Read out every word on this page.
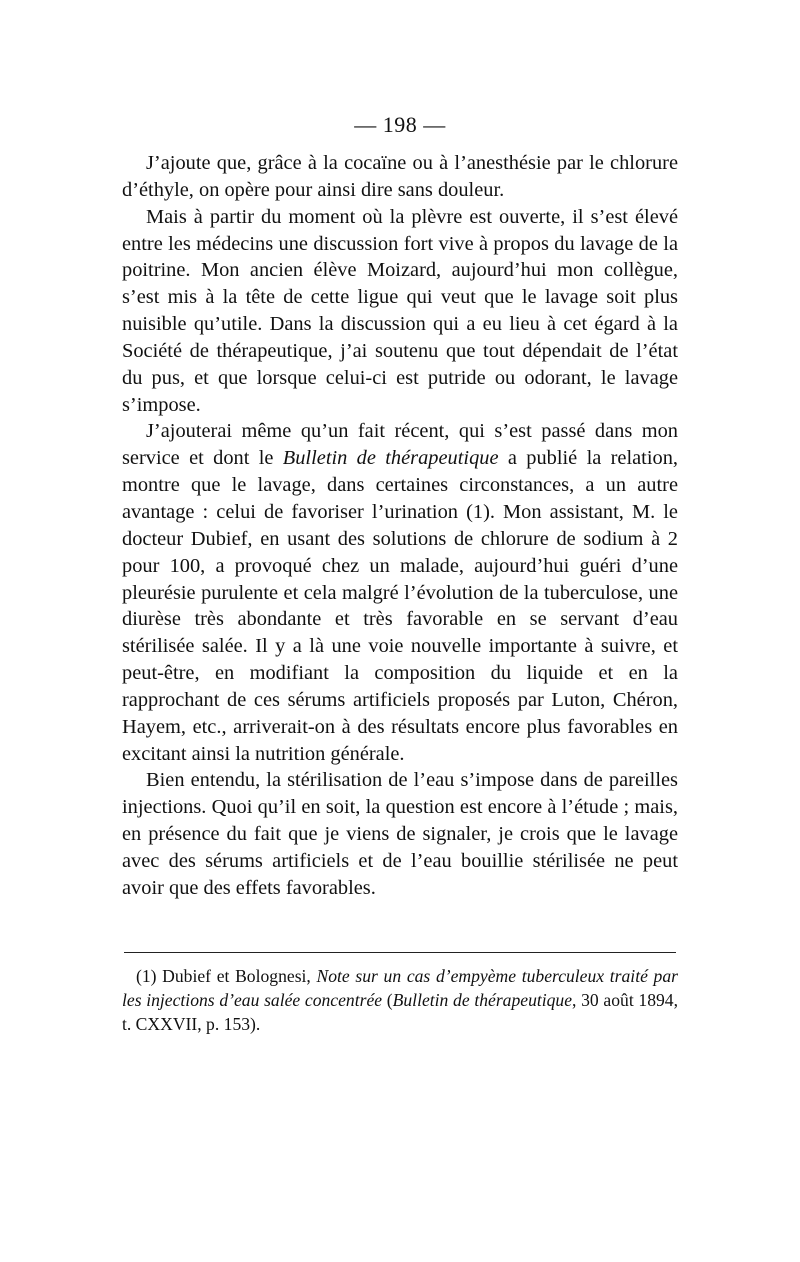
— 198 —

J’ajoute que, grâce à la cocaïne ou à l’anesthésie par le chlorure d’éthyle, on opère pour ainsi dire sans douleur.

Mais à partir du moment où la plèvre est ouverte, il s’est élevé entre les médecins une discussion fort vive à propos du lavage de la poitrine. Mon ancien élève Moizard, aujourd’hui mon collègue, s’est mis à la tête de cette ligue qui veut que le lavage soit plus nuisible qu’utile. Dans la discussion qui a eu lieu à cet égard à la Société de thérapeutique, j’ai soutenu que tout dépendait de l’état du pus, et que lorsque celui-ci est putride ou odorant, le lavage s’impose.

J’ajouterai même qu’un fait récent, qui s’est passé dans mon service et dont le Bulletin de thérapeutique a publié la relation, montre que le lavage, dans certaines circonstances, a un autre avantage : celui de favoriser l’urination (1). Mon assistant, M. le docteur Dubief, en usant des solutions de chlorure de sodium à 2 pour 100, a provoqué chez un malade, aujourd’hui guéri d’une pleurésie purulente et cela malgré l’évolution de la tuberculose, une diurèse très abondante et très favorable en se servant d’eau stérilisée salée. Il y a là une voie nouvelle importante à suivre, et peut-être, en modifiant la composition du liquide et en la rapprochant de ces sérums artificiels proposés par Luton, Chéron, Hayem, etc., arriverait-on à des résultats encore plus favorables en excitant ainsi la nutrition générale.

Bien entendu, la stérilisation de l’eau s’impose dans de pareilles injections. Quoi qu’il en soit, la question est encore à l’étude ; mais, en présence du fait que je viens de signaler, je crois que le lavage avec des sérums artificiels et de l’eau bouillie stérilisée ne peut avoir que des effets favorables.

(1) Dubief et Bolognesi, Note sur un cas d’empyème tuberculeux traité par les injections d’eau salée concentrée (Bulletin de thérapeutique, 30 août 1894, t. CXXVII, p. 153).
